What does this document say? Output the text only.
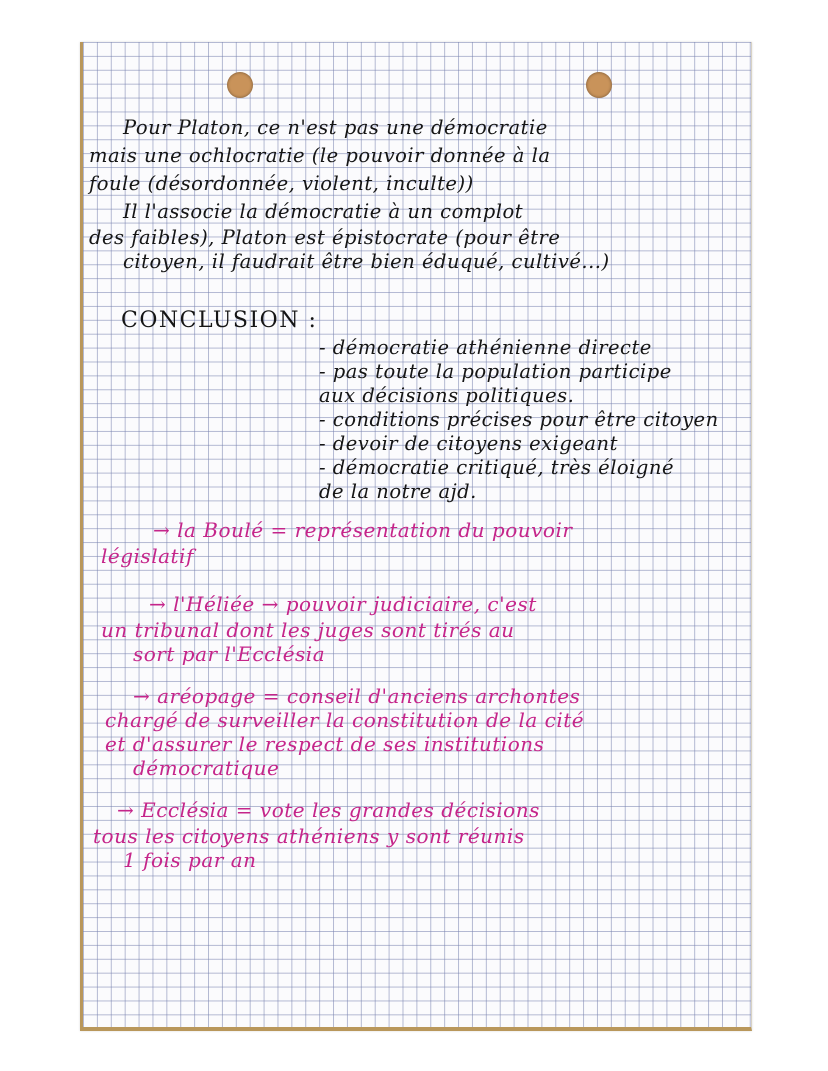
Pour Platon, ce n'est pas une démocratie
mais une ochlocratie (le pouvoir donnée à la
foule (désordonnée, violent, inculte))
Il l'associe la démocratie à un complot
des faibles), Platon est épistocrate (pour être
citoyen, il faudrait être bien éduqué, cultivé...)
CONCLUSION :
- démocratie athénienne directe
- pas toute la population participe
aux décisions politiques.
- conditions précises pour être citoyen
- devoir de citoyens exigeant
- démocratie critiqué, très éloigné
de la notre ajd.
→ la Boulé = représentation du pouvoir
législatif
→ l'Héliée → pouvoir judiciaire, c'est
un tribunal dont les juges sont tirés au
sort par l'Ecclésia
→ aréopage = conseil d'anciens archontes
chargé de surveiller la constitution de la cité
et d'assurer le respect de ses institutions
démocratique
→ Ecclésia = vote les grandes décisions
tous les citoyens athéniens y sont réunis
1 fois par an
